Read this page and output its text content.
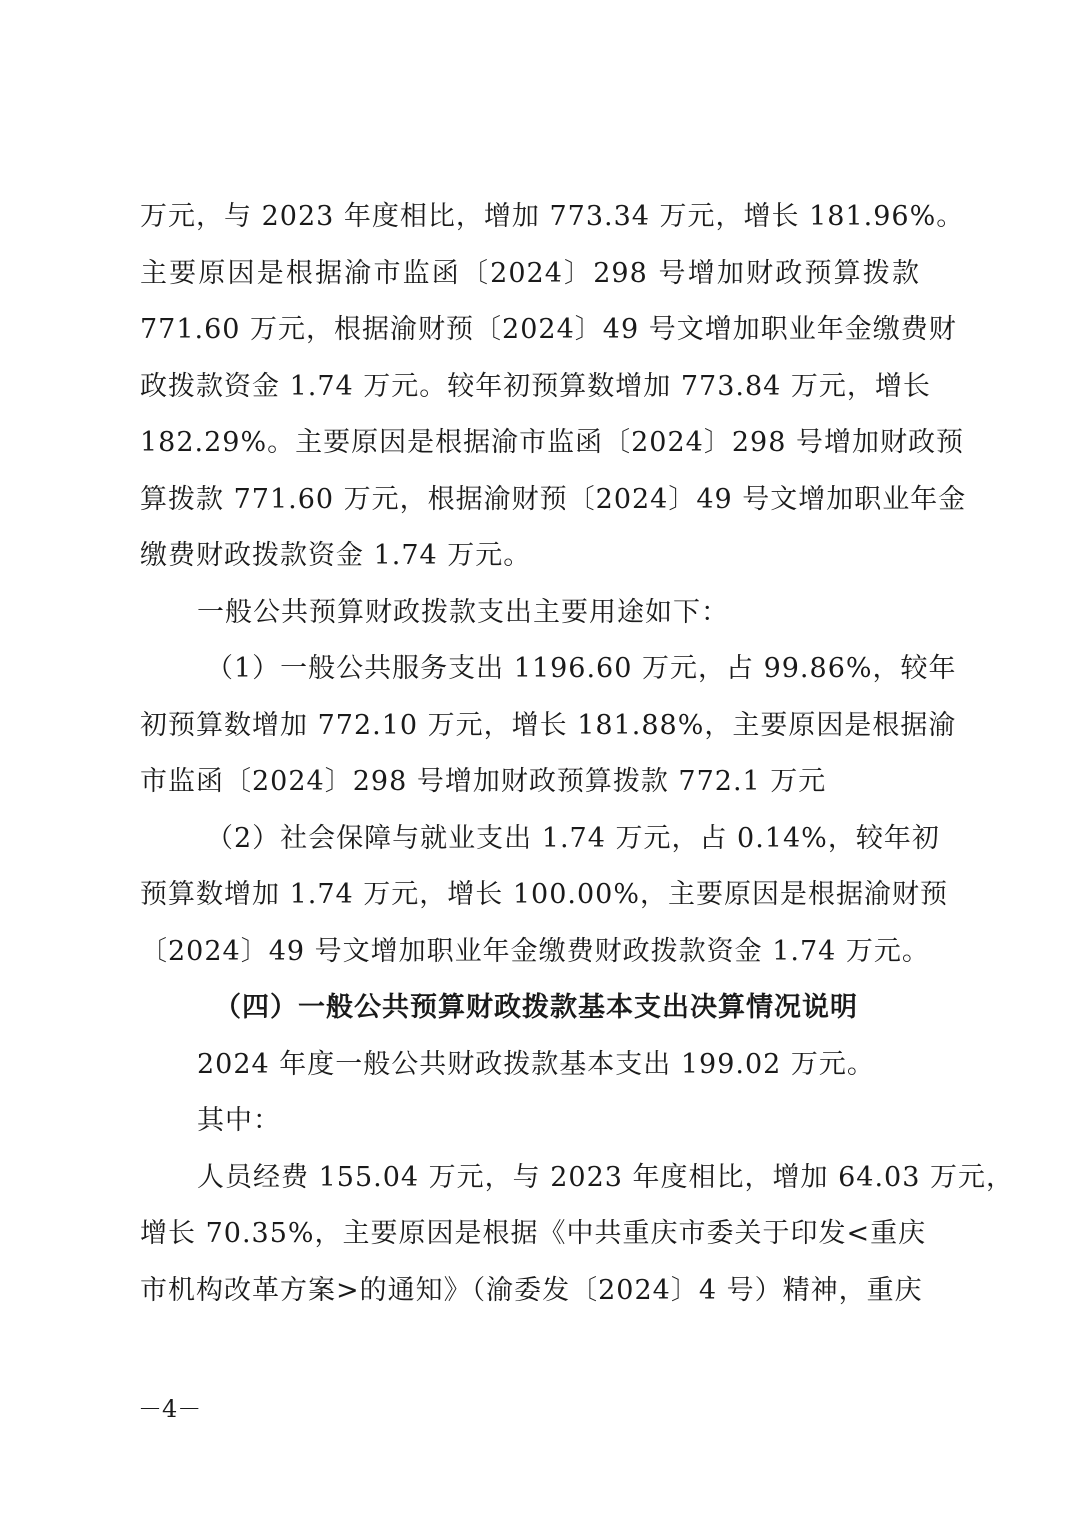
万元，与 2023 年度相比，增加 773.34 万元，增长 181.96%。
主要原因是根据渝市监函〔2024〕298 号增加财政预算拨款
771.60 万元，根据渝财预〔2024〕49 号文增加职业年金缴费财
政拨款资金 1.74 万元。较年初预算数增加 773.84 万元，增长
182.29%。主要原因是根据渝市监函〔2024〕298 号增加财政预
算拨款 771.60 万元，根据渝财预〔2024〕49 号文增加职业年金
缴费财政拨款资金 1.74 万元。
一般公共预算财政拨款支出主要用途如下：
（1）一般公共服务支出 1196.60 万元，占 99.86%，较年
初预算数增加 772.10 万元，增长 181.88%，主要原因是根据渝
市监函〔2024〕298 号增加财政预算拨款 772.1 万元
（2）社会保障与就业支出 1.74 万元，占 0.14%，较年初
预算数增加 1.74 万元，增长 100.00%，主要原因是根据渝财预
〔2024〕49 号文增加职业年金缴费财政拨款资金 1.74 万元。
（四）一般公共预算财政拨款基本支出决算情况说明
2024 年度一般公共财政拨款基本支出 199.02 万元。
其中：
人员经费 155.04 万元，与 2023 年度相比，增加 64.03 万元，
增长 70.35%，主要原因是根据《中共重庆市委关于印发<重庆
市机构改革方案>的通知》（渝委发〔2024〕4 号）精神，重庆
－4－
